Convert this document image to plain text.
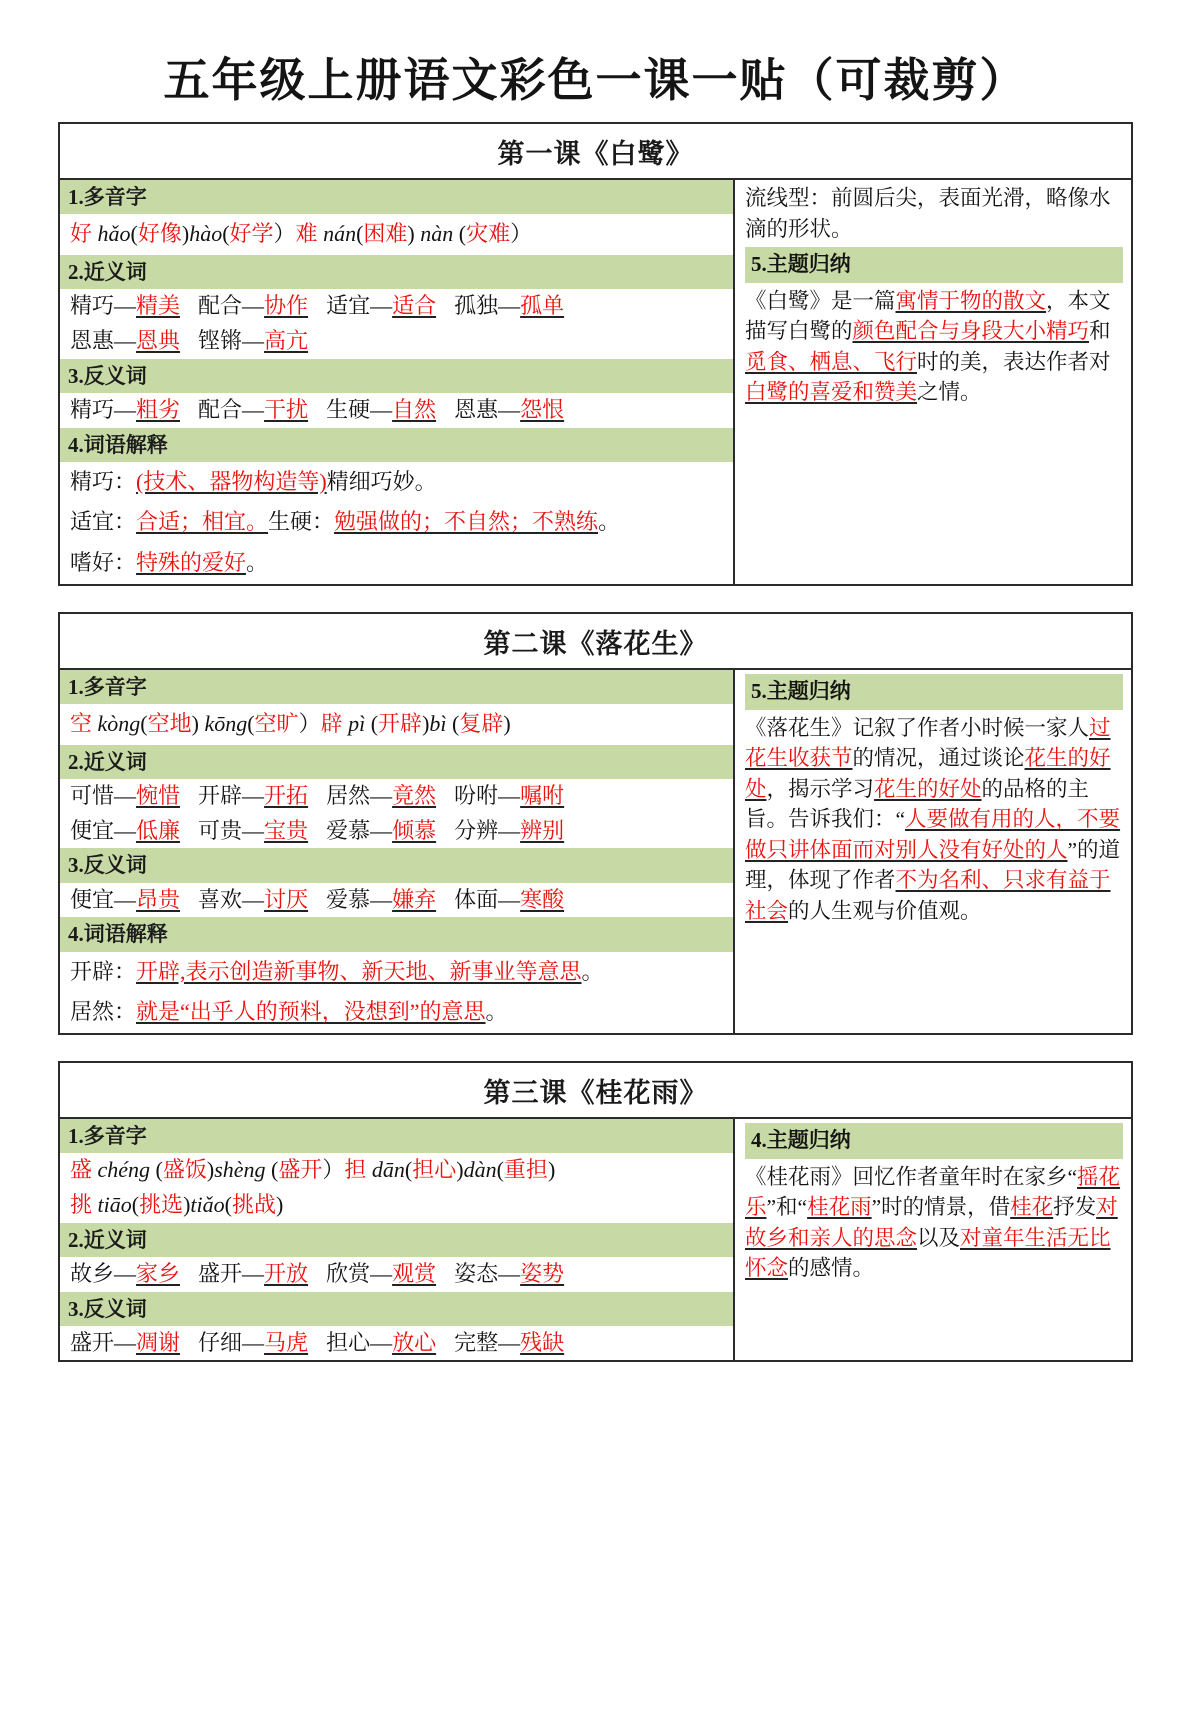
五年级上册语文彩色一课一贴（可裁剪）
第一课《白鹭》
1.多音字
好 hǎo(好像)hào(好学）难 nán(困难) nàn (灾难）
2.近义词
精巧—精美 配合—协作 适宜—适合 孤独—孤单
恩惠—恩典 铿锵—高亢
3.反义词
精巧—粗劣 配合—干扰 生硬—自然 恩惠—怨恨
4.词语解释
精巧：(技术、器物构造等)精细巧妙。
适宜：合适；相宜。生硬：勉强做的；不自然；不熟练。
嗜好：特殊的爱好。

流线型：前圆后尖，表面光滑，略像水滴的形状。

5.主题归纳

《白鹭》是一篇寓情于物的散文，本文描写白鹭的颜色配合与身段大小精巧和觅食、栖息、飞行时的美，表达作者对白鹭的喜爱和赞美之情。

第二课《落花生》
1.多音字
空 kòng(空地) kōng(空旷）辟 pì (开辟)bì (复辟)
2.近义词
可惜—惋惜 开辟—开拓 居然—竟然 吩咐—嘱咐
便宜—低廉 可贵—宝贵 爱慕—倾慕 分辨—辨别
3.反义词
便宜—昂贵 喜欢—讨厌 爱慕—嫌弃 体面—寒酸
4.词语解释
开辟：开辟,表示创造新事物、新天地、新事业等意思。
居然：就是“出乎人的预料，没想到”的意思。
5.主题归纳

《落花生》记叙了作者小时候一家人过花生收获节的情况，通过谈论花生的好处，揭示学习花生的好处的品格的主旨。告诉我们：“人要做有用的人，不要做只讲体面而对别人没有好处的人”的道理，体现了作者不为名利、只求有益于社会的人生观与价值观。

第三课《桂花雨》
1.多音字
盛 chéng (盛饭)shèng (盛开）担 dān(担心)dàn(重担)
挑 tiāo(挑选)tiǎo(挑战)
2.近义词
故乡—家乡 盛开—开放 欣赏—观赏 姿态—姿势
3.反义词
盛开—凋谢 仔细—马虎 担心—放心 完整—残缺
4.主题归纳

《桂花雨》回忆作者童年时在家乡“摇花乐”和“桂花雨”时的情景，借桂花抒发对故乡和亲人的思念以及对童年生活无比怀念的感情。
